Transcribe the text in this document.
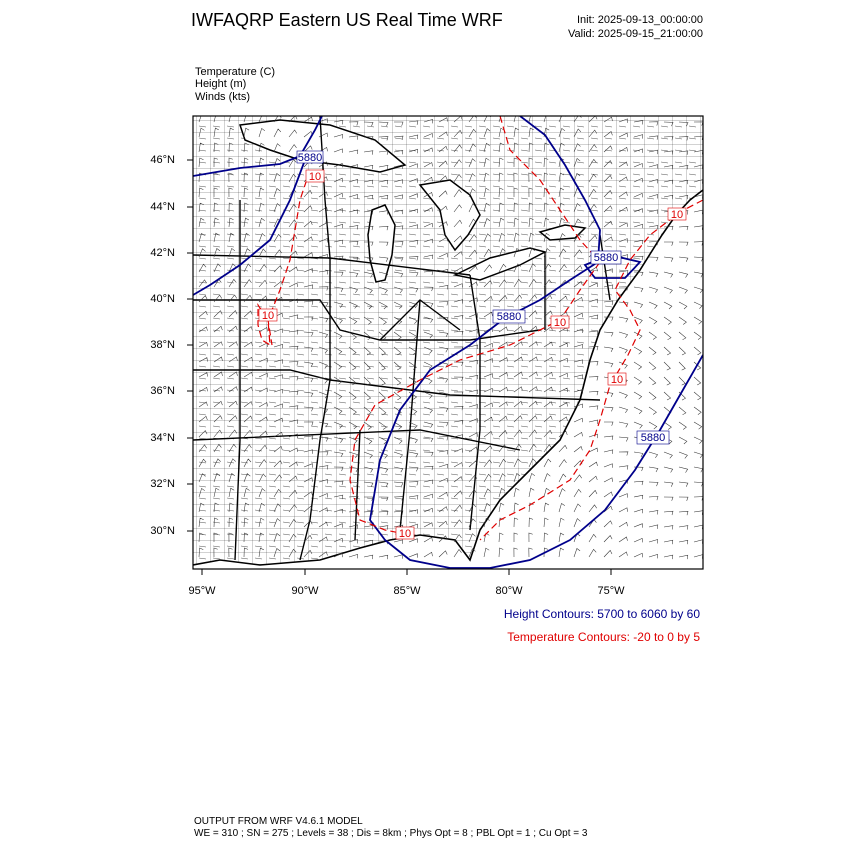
IWFAQRP Eastern US Real Time WRF	Init: 2025-09-13_00:00:00
Valid: 2025-09-15_21:00:00
Temperature (C)
Height (m)
Winds (kts)
5880
5880
5880
5880
10
10
10
10
10
10
95°W	90°W	85°W	80°W	75°W
46°N
44°N
42°N
40°N
38°N
36°N
34°N
32°N
30°N
Height Contours: 5700 to 6060 by 60
Temperature Contours: -20 to 0 by 5
OUTPUT FROM WRF V4.6.1 MODEL
WE = 310 ; SN = 275 ; Levels = 38 ; Dis = 8km ; Phys Opt = 8 ; PBL Opt = 1 ; Cu Opt = 3
